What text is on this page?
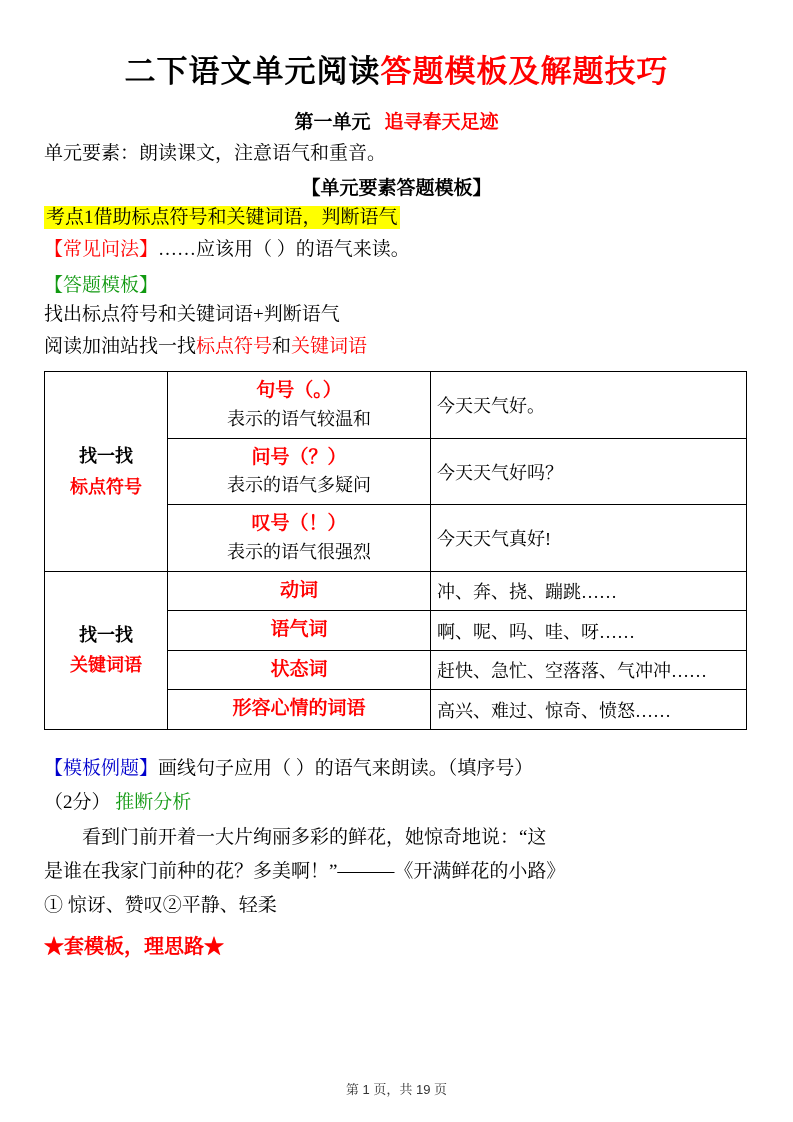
二下语文单元阅读答题模板及解题技巧
第一单元 追寻春天足迹
单元要素：朗读课文，注意语气和重音。
【单元要素答题模板】
考点1借助标点符号和关键词语，判断语气
【常见问法】……应该用（ ）的语气来读。
【答题模板】
找出标点符号和关键词语+判断语气
阅读加油站找一找标点符号和关键词语
找一找
标点符号	句号（。）
表示的语气较温和	今天天气好。

	问号（？）
表示的语气多疑问	今天天气好吗？

	叹号（！）
表示的语气很强烈	今天天气真好!

找一找
关键词语	动词	冲、奔、挠、蹦跳……

	语气词	啊、呢、吗、哇、呀……

	状态词	赶快、急忙、空落落、气冲冲……

	形容心情的词语	高兴、难过、惊奇、愤怒……
【模板例题】画线句子应用（ ）的语气来朗读。（填序号）
（2分） 推断分析
看到门前开着一大片绚丽多彩的鲜花，她惊奇地说：“这
是谁在我家门前种的花？多美啊！”———《开满鲜花的小路》
① 惊讶、赞叹②平静、轻柔
★套模板，理思路★
第 1 页，共 19 页
